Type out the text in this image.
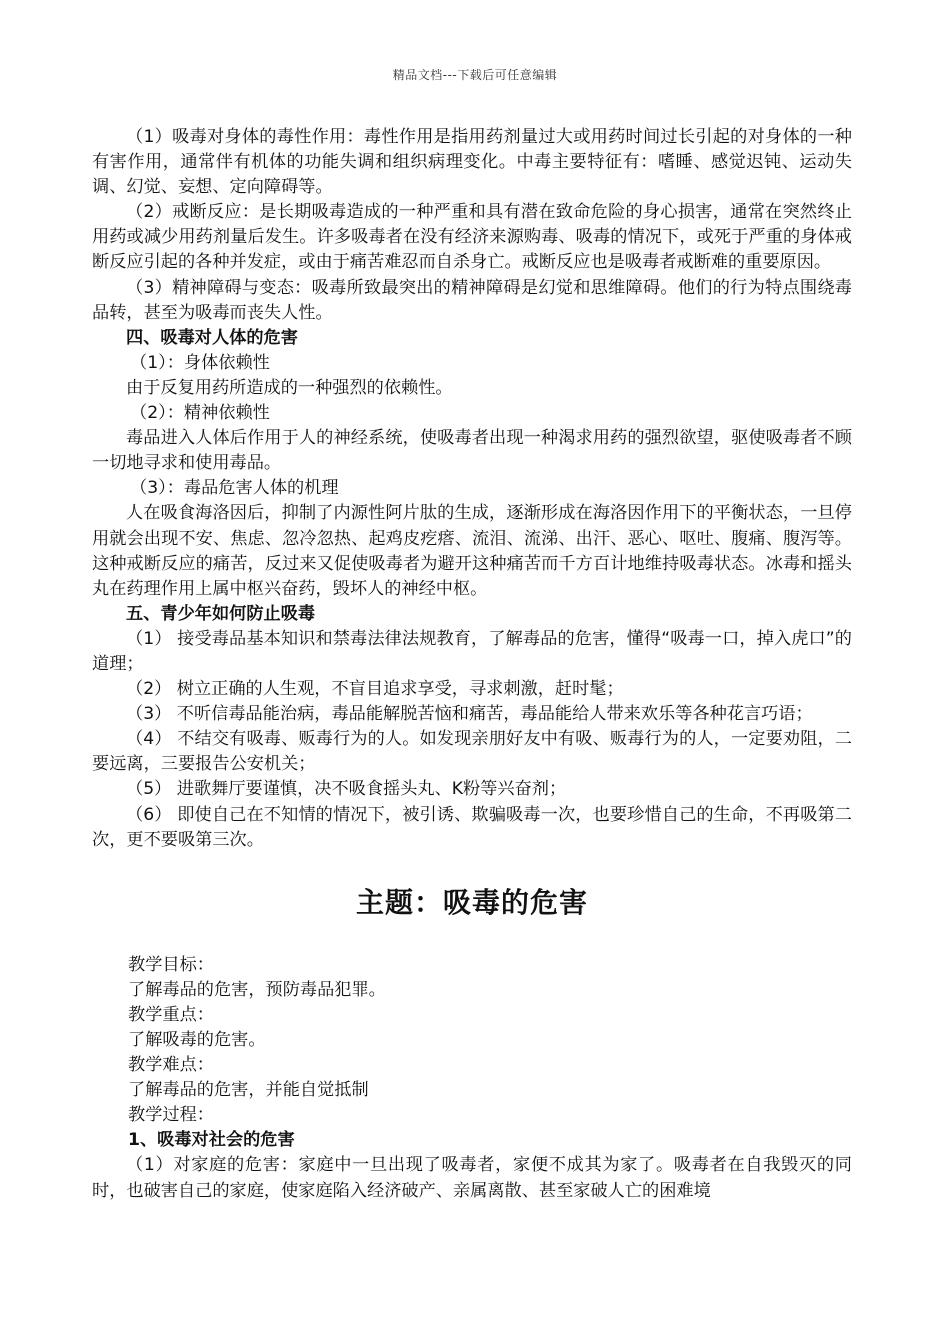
精品文档---下载后可任意编辑

（1）吸毒对身体的毒性作用：毒性作用是指用药剂量过大或用药时间过长引起的对身体的一种有害作用，通常伴有机体的功能失调和组织病理变化。中毒主要特征有：嗜睡、感觉迟钝、运动失调、幻觉、妄想、定向障碍等。

（2）戒断反应：是长期吸毒造成的一种严重和具有潜在致命危险的身心损害，通常在突然终止用药或减少用药剂量后发生。许多吸毒者在没有经济来源购毒、吸毒的情况下，或死于严重的身体戒断反应引起的各种并发症，或由于痛苦难忍而自杀身亡。戒断反应也是吸毒者戒断难的重要原因。

（3）精神障碍与变态：吸毒所致最突出的精神障碍是幻觉和思维障碍。他们的行为特点围绕毒品转，甚至为吸毒而丧失人性。

四、吸毒对人体的危害

（1）：身体依赖性

由于反复用药所造成的一种强烈的依赖性。

（2）：精神依赖性

毒品进入人体后作用于人的神经系统，使吸毒者出现一种渴求用药的强烈欲望，驱使吸毒者不顾一切地寻求和使用毒品。

（3）：毒品危害人体的机理

人在吸食海洛因后，抑制了内源性阿片肽的生成，逐渐形成在海洛因作用下的平衡状态，一旦停用就会出现不安、焦虑、忽冷忽热、起鸡皮疙瘩、流泪、流涕、出汗、恶心、呕吐、腹痛、腹泻等。这种戒断反应的痛苦，反过来又促使吸毒者为避开这种痛苦而千方百计地维持吸毒状态。冰毒和摇头丸在药理作用上属中枢兴奋药，毁坏人的神经中枢。

五、青少年如何防止吸毒

（1） 接受毒品基本知识和禁毒法律法规教育，了解毒品的危害，懂得“吸毒一口，掉入虎口”的道理；

（2） 树立正确的人生观，不盲目追求享受，寻求刺激，赶时髦；

（3） 不听信毒品能治病，毒品能解脱苦恼和痛苦，毒品能给人带来欢乐等各种花言巧语；

（4） 不结交有吸毒、贩毒行为的人。如发现亲朋好友中有吸、贩毒行为的人，一定要劝阻，二要远离，三要报告公安机关；

（5） 进歌舞厅要谨慎，决不吸食摇头丸、K粉等兴奋剂；

（6） 即使自己在不知情的情况下，被引诱、欺骗吸毒一次，也要珍惜自己的生命，不再吸第二次，更不要吸第三次。

主题：吸毒的危害

教学目标：

了解毒品的危害，预防毒品犯罪。

教学重点：

了解吸毒的危害。

教学难点：

了解毒品的危害，并能自觉抵制

教学过程：

1、吸毒对社会的危害

（1）对家庭的危害：家庭中一旦出现了吸毒者，家便不成其为家了。吸毒者在自我毁灭的同时，也破害自己的家庭，使家庭陷入经济破产、亲属离散、甚至家破人亡的困难境
